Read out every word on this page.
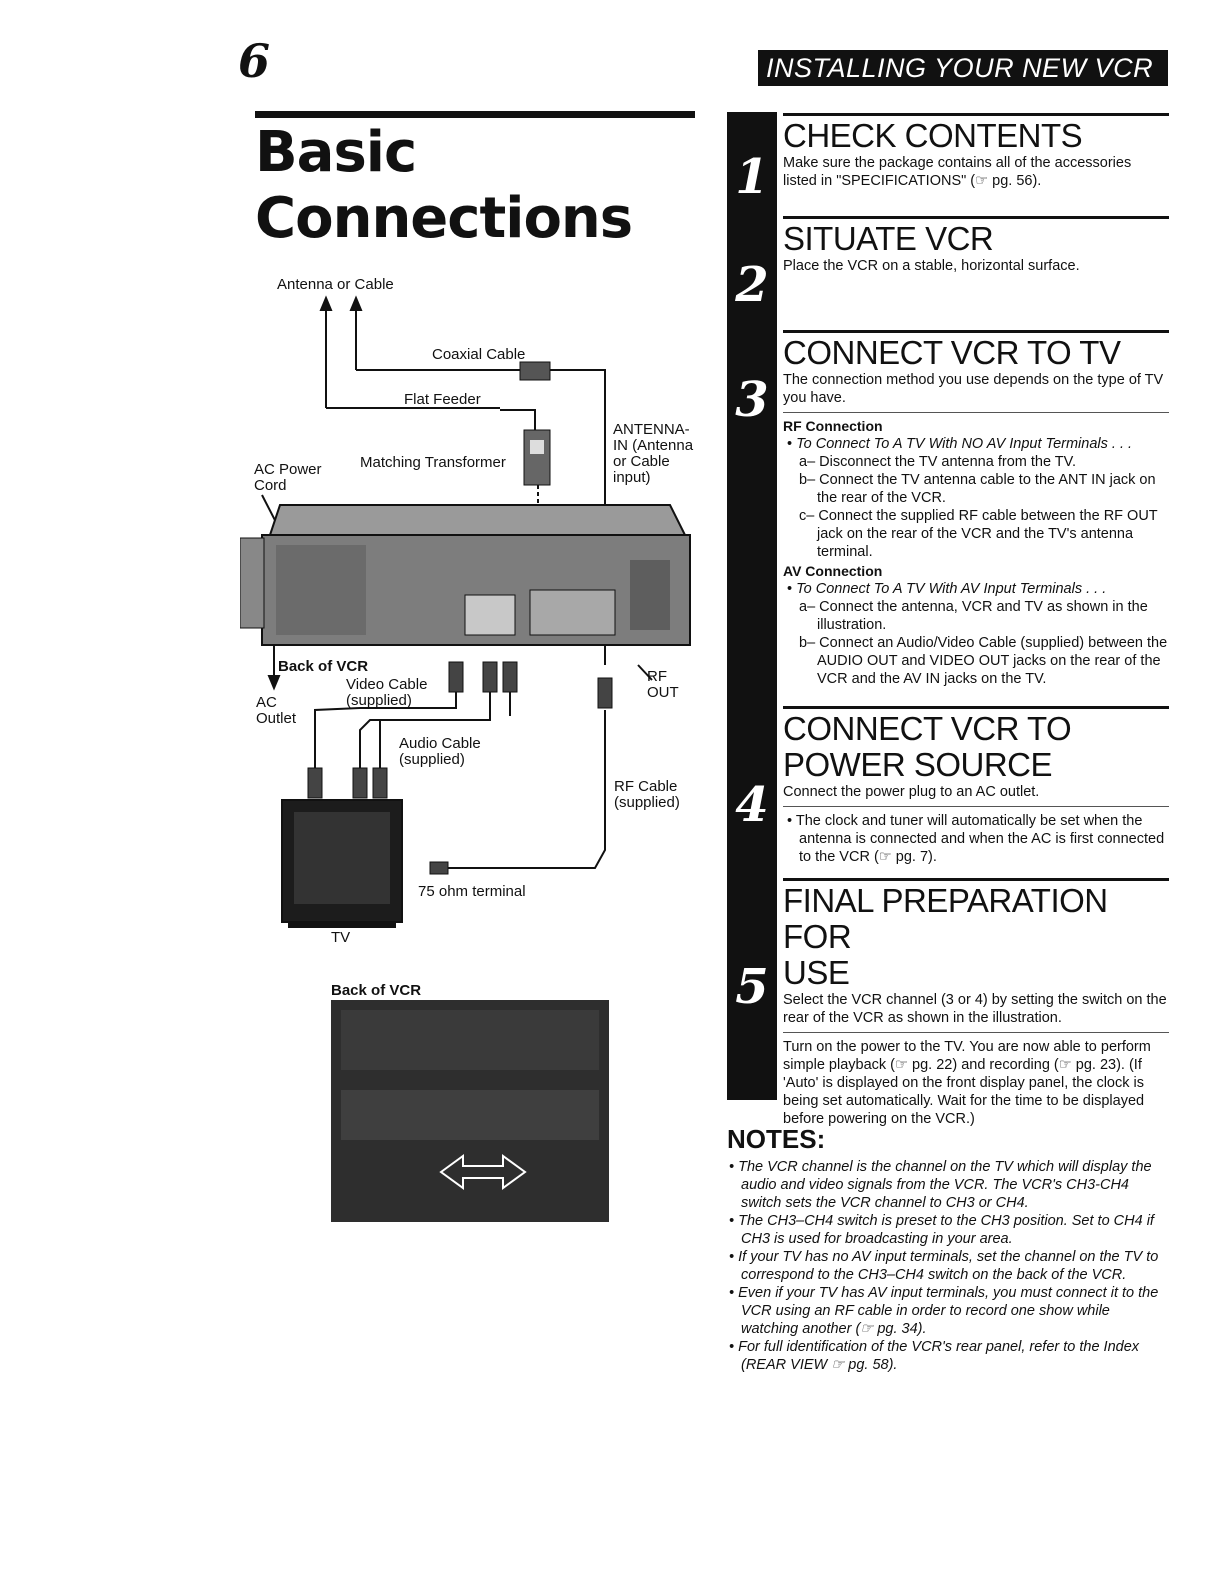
6	INSTALLING YOUR NEW VCR
Basic
Connections
Antenna or Cable
Coaxial Cable
Flat Feeder
Matching Transformer
AC Power
Cord
ANTENNA-
IN (Antenna
or Cable
input)
Back of VCR
Video Cable
(supplied)
AC
Outlet
RF
OUT
Audio Cable
(supplied)
RF Cable
(supplied)
75 ohm terminal
TV
Back of VCR
1
2
3
4
5
CHECK CONTENTS

Make sure the package contains all of the accessories listed in "SPECIFICATIONS" (☞ pg. 56).

SITUATE VCR

Place the VCR on a stable, horizontal surface.

CONNECT VCR TO TV

The connection method you use depends on the type of TV you have.

RF Connection
• To Connect To A TV With NO AV Input Terminals . . .
a– Disconnect the TV antenna from the TV.
b– Connect the TV antenna cable to the ANT IN jack on the rear of the VCR.
c– Connect the supplied RF cable between the RF OUT jack on the rear of the VCR and the TV's antenna terminal.
AV Connection
• To Connect To A TV With AV Input Terminals . . .
a– Connect the antenna, VCR and TV as shown in the illustration.
b– Connect an Audio/Video Cable (supplied) between the AUDIO OUT and VIDEO OUT jacks on the rear of the VCR and the AV IN jacks on the TV.
CONNECT VCR TO
POWER SOURCE

Connect the power plug to an AC outlet.

• The clock and tuner will automatically be set when the antenna is connected and when the AC is first connected to the VCR (☞ pg. 7).
FINAL PREPARATION FOR
USE

Select the VCR channel (3 or 4) by setting the switch on the rear of the VCR as shown in the illustration.

Turn on the power to the TV. You are now able to perform simple playback (☞ pg. 22) and recording (☞ pg. 23). (If 'Auto' is displayed on the front display panel, the clock is being set automatically. Wait for the time to be displayed before powering on the VCR.)

NOTES:
• The VCR channel is the channel on the TV which will display the audio and video signals from the VCR. The VCR's CH3-CH4 switch sets the VCR channel to CH3 or CH4.
• The CH3–CH4 switch is preset to the CH3 position. Set to CH4 if CH3 is used for broadcasting in your area.
• If your TV has no AV input terminals, set the channel on the TV to correspond to the CH3–CH4 switch on the back of the VCR.
• Even if your TV has AV input terminals, you must connect it to the VCR using an RF cable in order to record one show while watching another (☞ pg. 34).
• For full identification of the VCR's rear panel, refer to the Index (REAR VIEW ☞ pg. 58).
